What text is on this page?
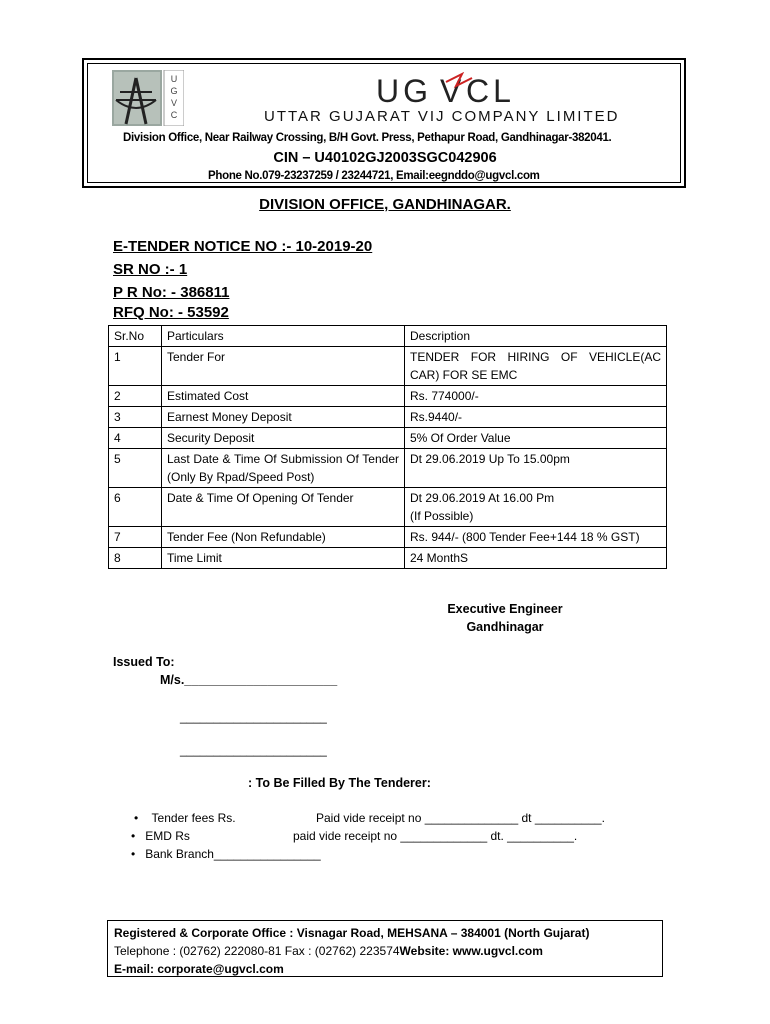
U
G
V
C
UG V CL
UTTAR GUJARAT VIJ COMPANY LIMITED
Division Office, Near Railway Crossing, B/H Govt. Press, Pethapur Road, Gandhinagar-382041.
CIN – U40102GJ2003SGC042906
Phone No.079-23237259 / 23244721, Email:eegnddo@ugvcl.com
DIVISION OFFICE, GANDHINAGAR.
E-TENDER NOTICE NO :- 10-2019-20
SR NO :- 1
P R No: - 386811
RFQ No: - 53592
Sr.No	Particulars	Description
1	Tender For	TENDER FOR HIRING OF VEHICLE(AC CAR) FOR SE EMC
2	Estimated Cost	Rs. 774000/-
3	Earnest Money Deposit	Rs.9440/-
4	Security Deposit	5% Of Order Value
5	Last Date & Time Of Submission Of Tender (Only By Rpad/Speed Post)	Dt 29.06.2019 Up To 15.00pm
6	Date & Time Of Opening Of Tender	Dt 29.06.2019 At 16.00 Pm
(If Possible)
7	Tender Fee (Non Refundable)	Rs. 944/- (800 Tender Fee+144 18 % GST)
8	Time Limit	24 MonthS
Executive Engineer
Gandhinagar
Issued To:
M/s.______________________
______________________
______________________
: To Be Filled By The Tenderer:
•    Tender fees Rs.	Paid vide receipt no ______________ dt __________.
•   EMD Rs	paid vide receipt no _____________ dt. __________.
•   Bank Branch________________
Registered & Corporate Office : Visnagar Road, MEHSANA – 384001 (North Gujarat)
Telephone : (02762) 222080-81 Fax : (02762) 223574Website: www.ugvcl.com
E-mail: corporate@ugvcl.com
